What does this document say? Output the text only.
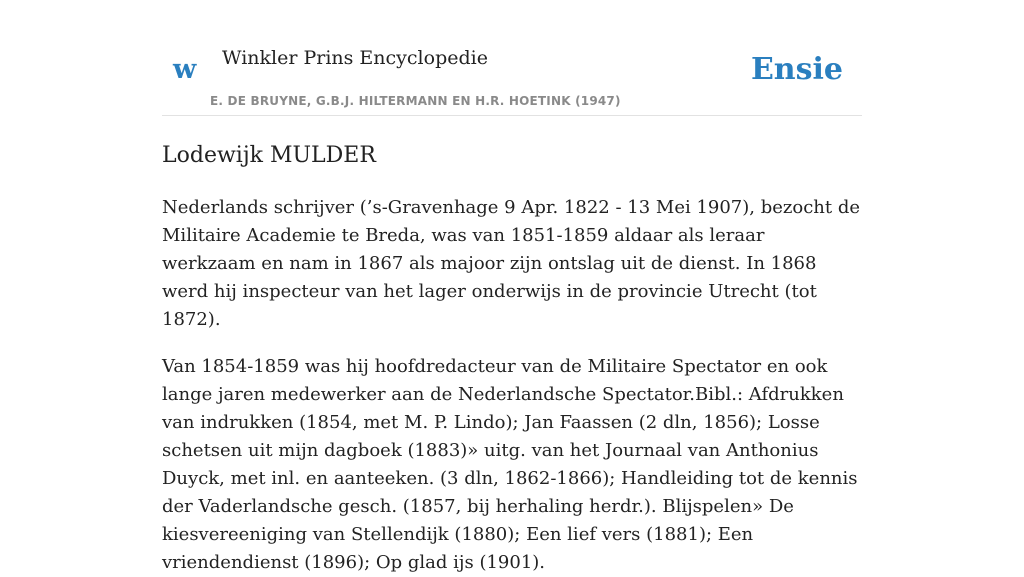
w Winkler Prins Encyclopedie
E. DE BRUYNE, G.B.J. HILTERMANN EN H.R. HOETINK (1947)
Ensie
Lodewijk MULDER

Nederlands schrijver (’s-Gravenhage 9 Apr. 1822 - 13 Mei 1907), bezocht de Militaire Academie te Breda, was van 1851-1859 aldaar als leraar werkzaam en nam in 1867 als majoor zijn ontslag uit de dienst. In 1868 werd hij inspecteur van het lager onderwijs in de provincie Utrecht (tot 1872).

Van 1854-1859 was hij hoofdredacteur van de Militaire Spectator en ook lange jaren medewerker aan de Nederlandsche Spectator.Bibl.: Afdrukken van indrukken (1854, met M. P. Lindo); Jan Faassen (2 dln, 1856); Losse schetsen uit mijn dagboek (1883)» uitg. van het Journaal van Anthonius Duyck, met inl. en aanteeken. (3 dln, 1862-1866); Handleiding tot de kennis der Vaderlandsche gesch. (1857, bij herhaling herdr.). Blijspelen» De kiesvereeniging van Stellendijk (1880); Een lief vers (1881); Een vriendendienst (1896); Op glad ijs (1901).
